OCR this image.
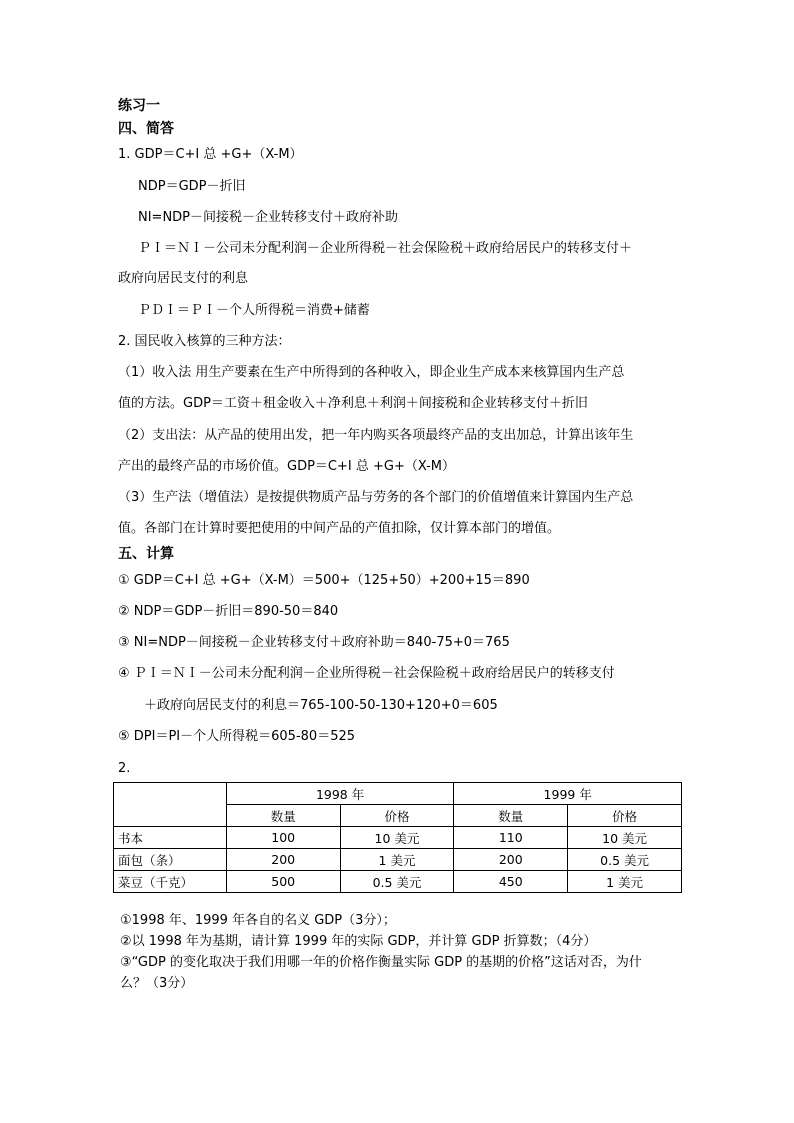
练习一
四、简答
1. GDP＝C+I 总 +G+（X-M）
NDP＝GDP－折旧
NI=NDP－间接税－企业转移支付＋政府补助
ＰＩ＝ＮＩ－公司未分配利润－企业所得税－社会保险税＋政府给居民户的转移支付＋
政府向居民支付的利息
ＰＤＩ＝ＰＩ－个人所得税＝消费+储蓄
2. 国民收入核算的三种方法：
（1）收入法 用生产要素在生产中所得到的各种收入，即企业生产成本来核算国内生产总
值的方法。GDP＝工资＋租金收入＋净利息＋利润＋间接税和企业转移支付＋折旧
（2）支出法：从产品的使用出发，把一年内购买各项最终产品的支出加总，计算出该年生
产出的最终产品的市场价值。GDP＝C+I 总 +G+（X-M）
（3）生产法（增值法）是按提供物质产品与劳务的各个部门的价值增值来计算国内生产总
值。各部门在计算时要把使用的中间产品的产值扣除，仅计算本部门的增值。
五、计算
① GDP＝C+I 总 +G+（X-M）＝500+（125+50）+200+15＝890
② NDP＝GDP－折旧＝890-50＝840
③ NI=NDP－间接税－企业转移支付＋政府补助＝840-75+0＝765
④ ＰＩ＝ＮＩ－公司未分配利润－企业所得税－社会保险税＋政府给居民户的转移支付
＋政府向居民支付的利息＝765-100-50-130+120+0＝605
⑤ DPI＝PI－个人所得税＝605-80＝525
2.
	1998 年		1999 年	
	数量	价格	数量	价格
书本	100	10 美元	110	10 美元
面包（条）	200	1 美元	200	0.5 美元
菜豆（千克）	500	0.5 美元	450	1 美元
①1998 年、1999 年各自的名义 GDP（3分）；
②以 1998 年为基期，请计算 1999 年的实际 GDP，并计算 GDP 折算数；（4分）
③“GDP 的变化取决于我们用哪一年的价格作衡量实际 GDP 的基期的价格”这话对否，为什
么？（3分）
